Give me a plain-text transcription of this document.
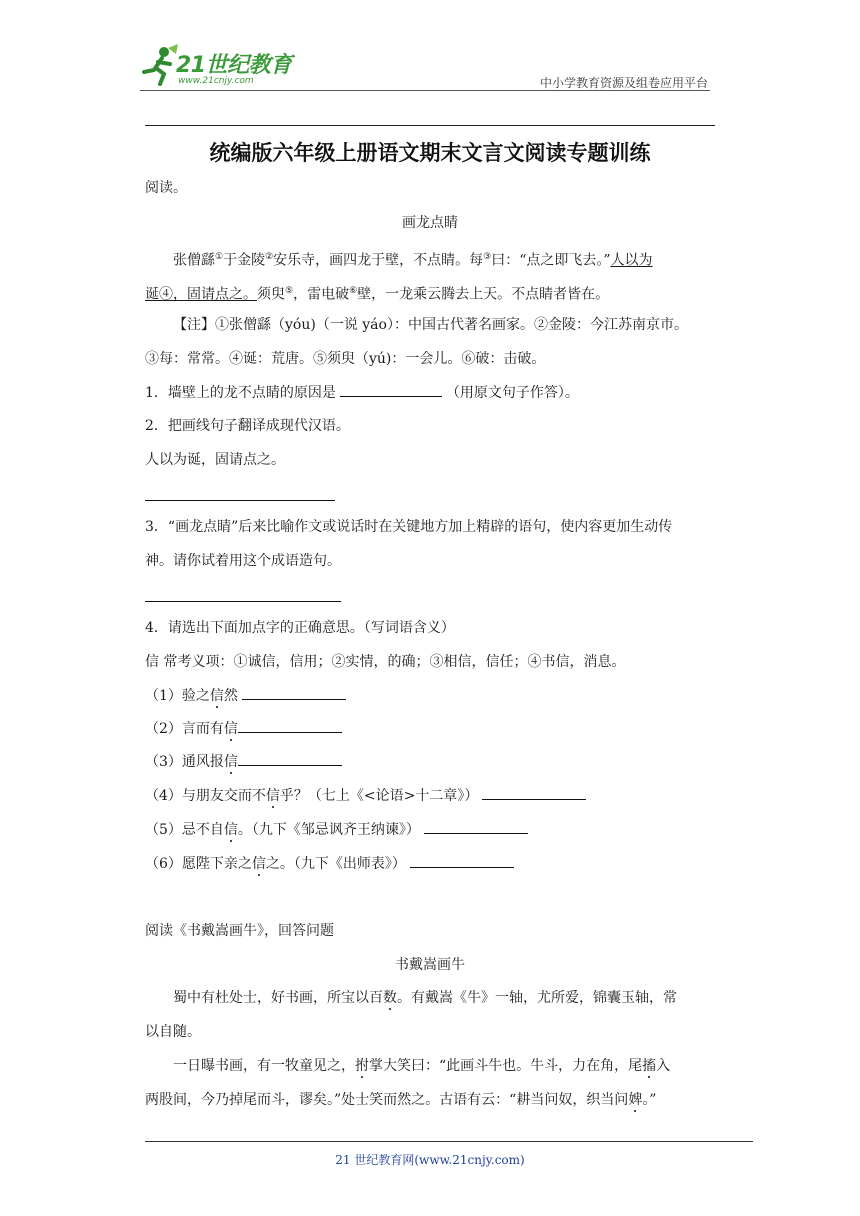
21世纪教育
www.21cnjy.com	中小学教育资源及组卷应用平台
统编版六年级上册语文期末文言文阅读专题训练
阅读。
画龙点睛
张僧繇①于金陵②安乐寺，画四龙于壁，不点睛。每③曰：“点之即飞去。”人以为
诞④，固请点之。须臾⑤，雷电破⑥壁，一龙乘云腾去上天。不点睛者皆在。
【注】①张僧繇（yóu)（一说 yáo）：中国古代著名画家。②金陵：今江苏南京市。
③每：常常。④诞：荒唐。⑤须臾（yú)：一会儿。⑥破：击破。
1．墙壁上的龙不点睛的原因是	（用原文句子作答）。
2．把画线句子翻译成现代汉语。
人以为诞，固请点之。
3．“画龙点睛”后来比喻作文或说话时在关键地方加上精辟的语句，使内容更加生动传
神。请你试着用这个成语造句。
4．请选出下面加点字的正确意思。（写词语含义）
信 常考义项：①诚信，信用；②实情，的确；③相信，信任；④书信，消息。
（1）验之信然
（2）言而有信
（3）通风报信
（4）与朋友交而不信乎？（七上《<论语>十二章》）
（5）忌不自信。（九下《邹忌讽齐王纳谏》）
（6）愿陛下亲之信之。（九下《出师表》）
阅读《书戴嵩画牛》，回答问题
书戴嵩画牛
蜀中有杜处士，好书画，所宝以百数。有戴嵩《牛》一轴，尤所爱，锦囊玉轴，常
以自随。
一日曝书画，有一牧童见之，拊掌大笑曰：“此画斗牛也。牛斗，力在角，尾搐入
两股间，今乃掉尾而斗，谬矣。”处士笑而然之。古语有云：“耕当问奴，织当问婢。”
21 世纪教育网(www.21cnjy.com)
